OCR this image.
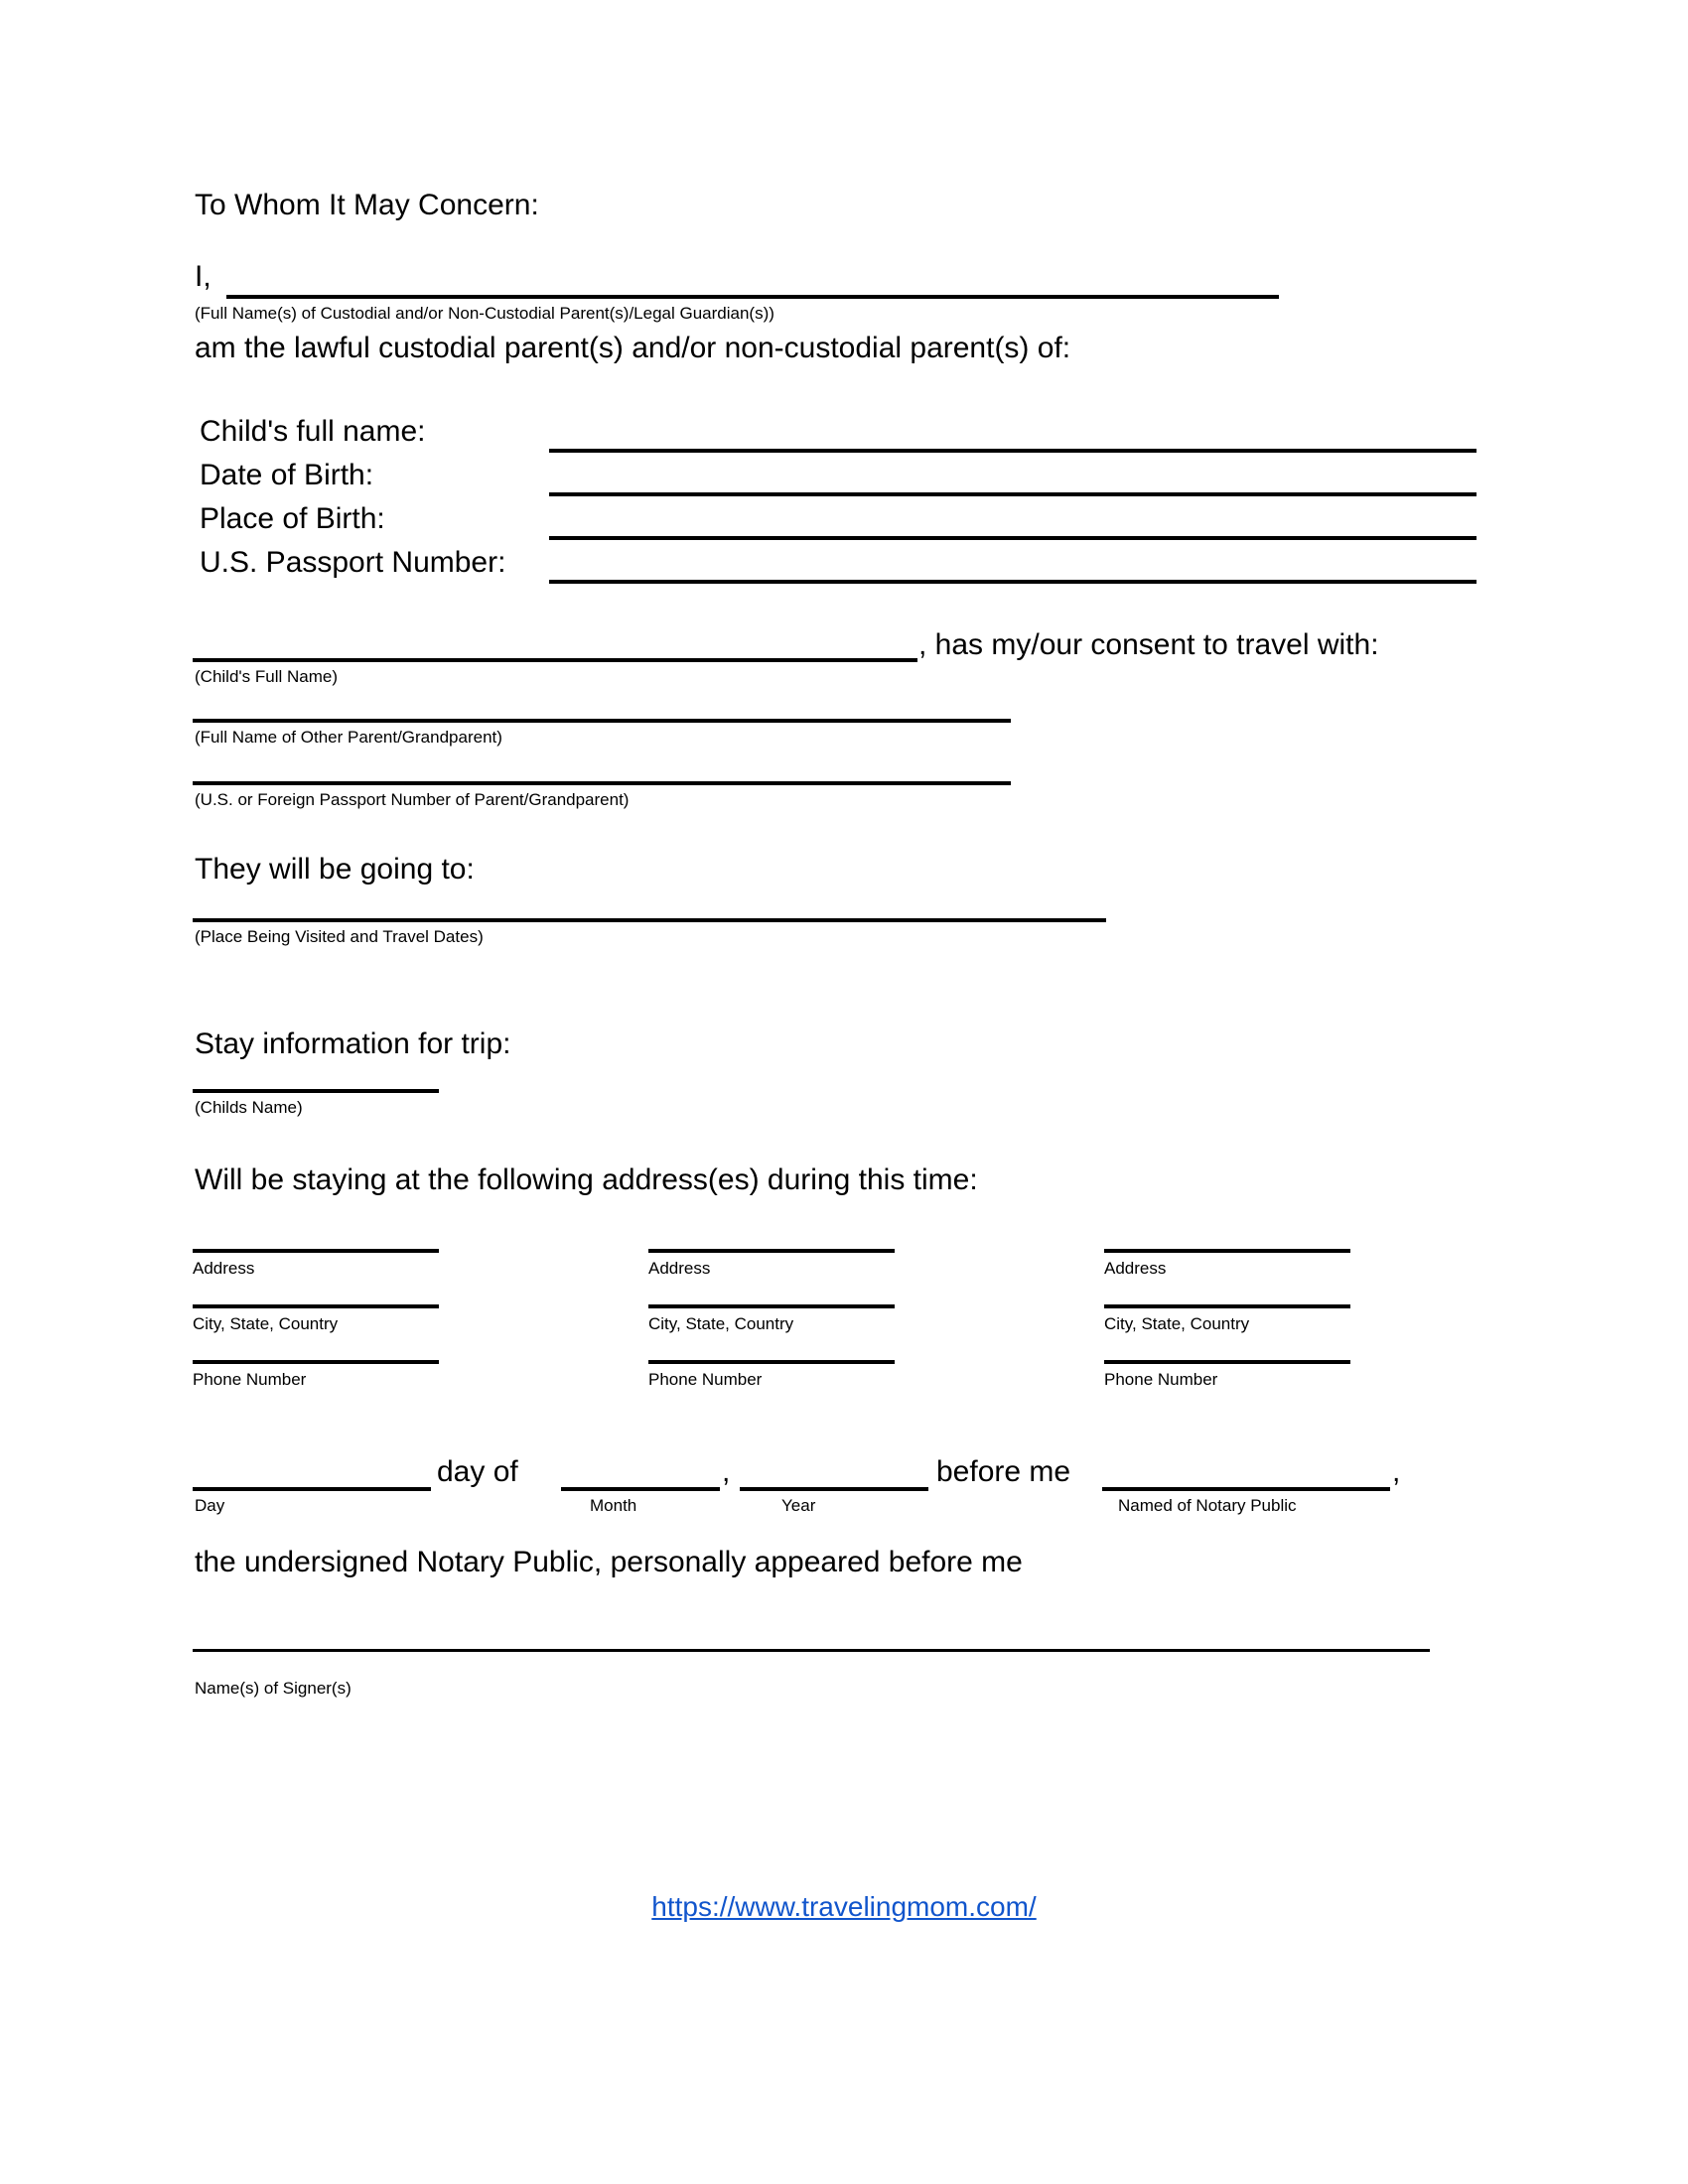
To Whom It May Concern:
I,
(Full Name(s) of Custodial and/or Non-Custodial Parent(s)/Legal Guardian(s))
am the lawful custodial parent(s) and/or non-custodial parent(s) of:
Child's full name:
Date of Birth:
Place of Birth:
U.S. Passport Number:
, has my/our consent to travel with:
(Child's Full Name)
(Full Name of Other Parent/Grandparent)
(U.S. or Foreign Passport Number of Parent/Grandparent)
They will be going to:
(Place Being Visited and Travel Dates)
Stay information for trip:
(Childs Name)
Will be staying at the following address(es) during this time:
Address
City, State, Country
Phone Number
Address
City, State, Country
Phone Number
Address
City, State, Country
Phone Number
Day
day of
Month
,
Year
before me
Named of Notary Public
,
the undersigned Notary Public, personally appeared before me
Name(s) of Signer(s)
https://www.travelingmom.com/
